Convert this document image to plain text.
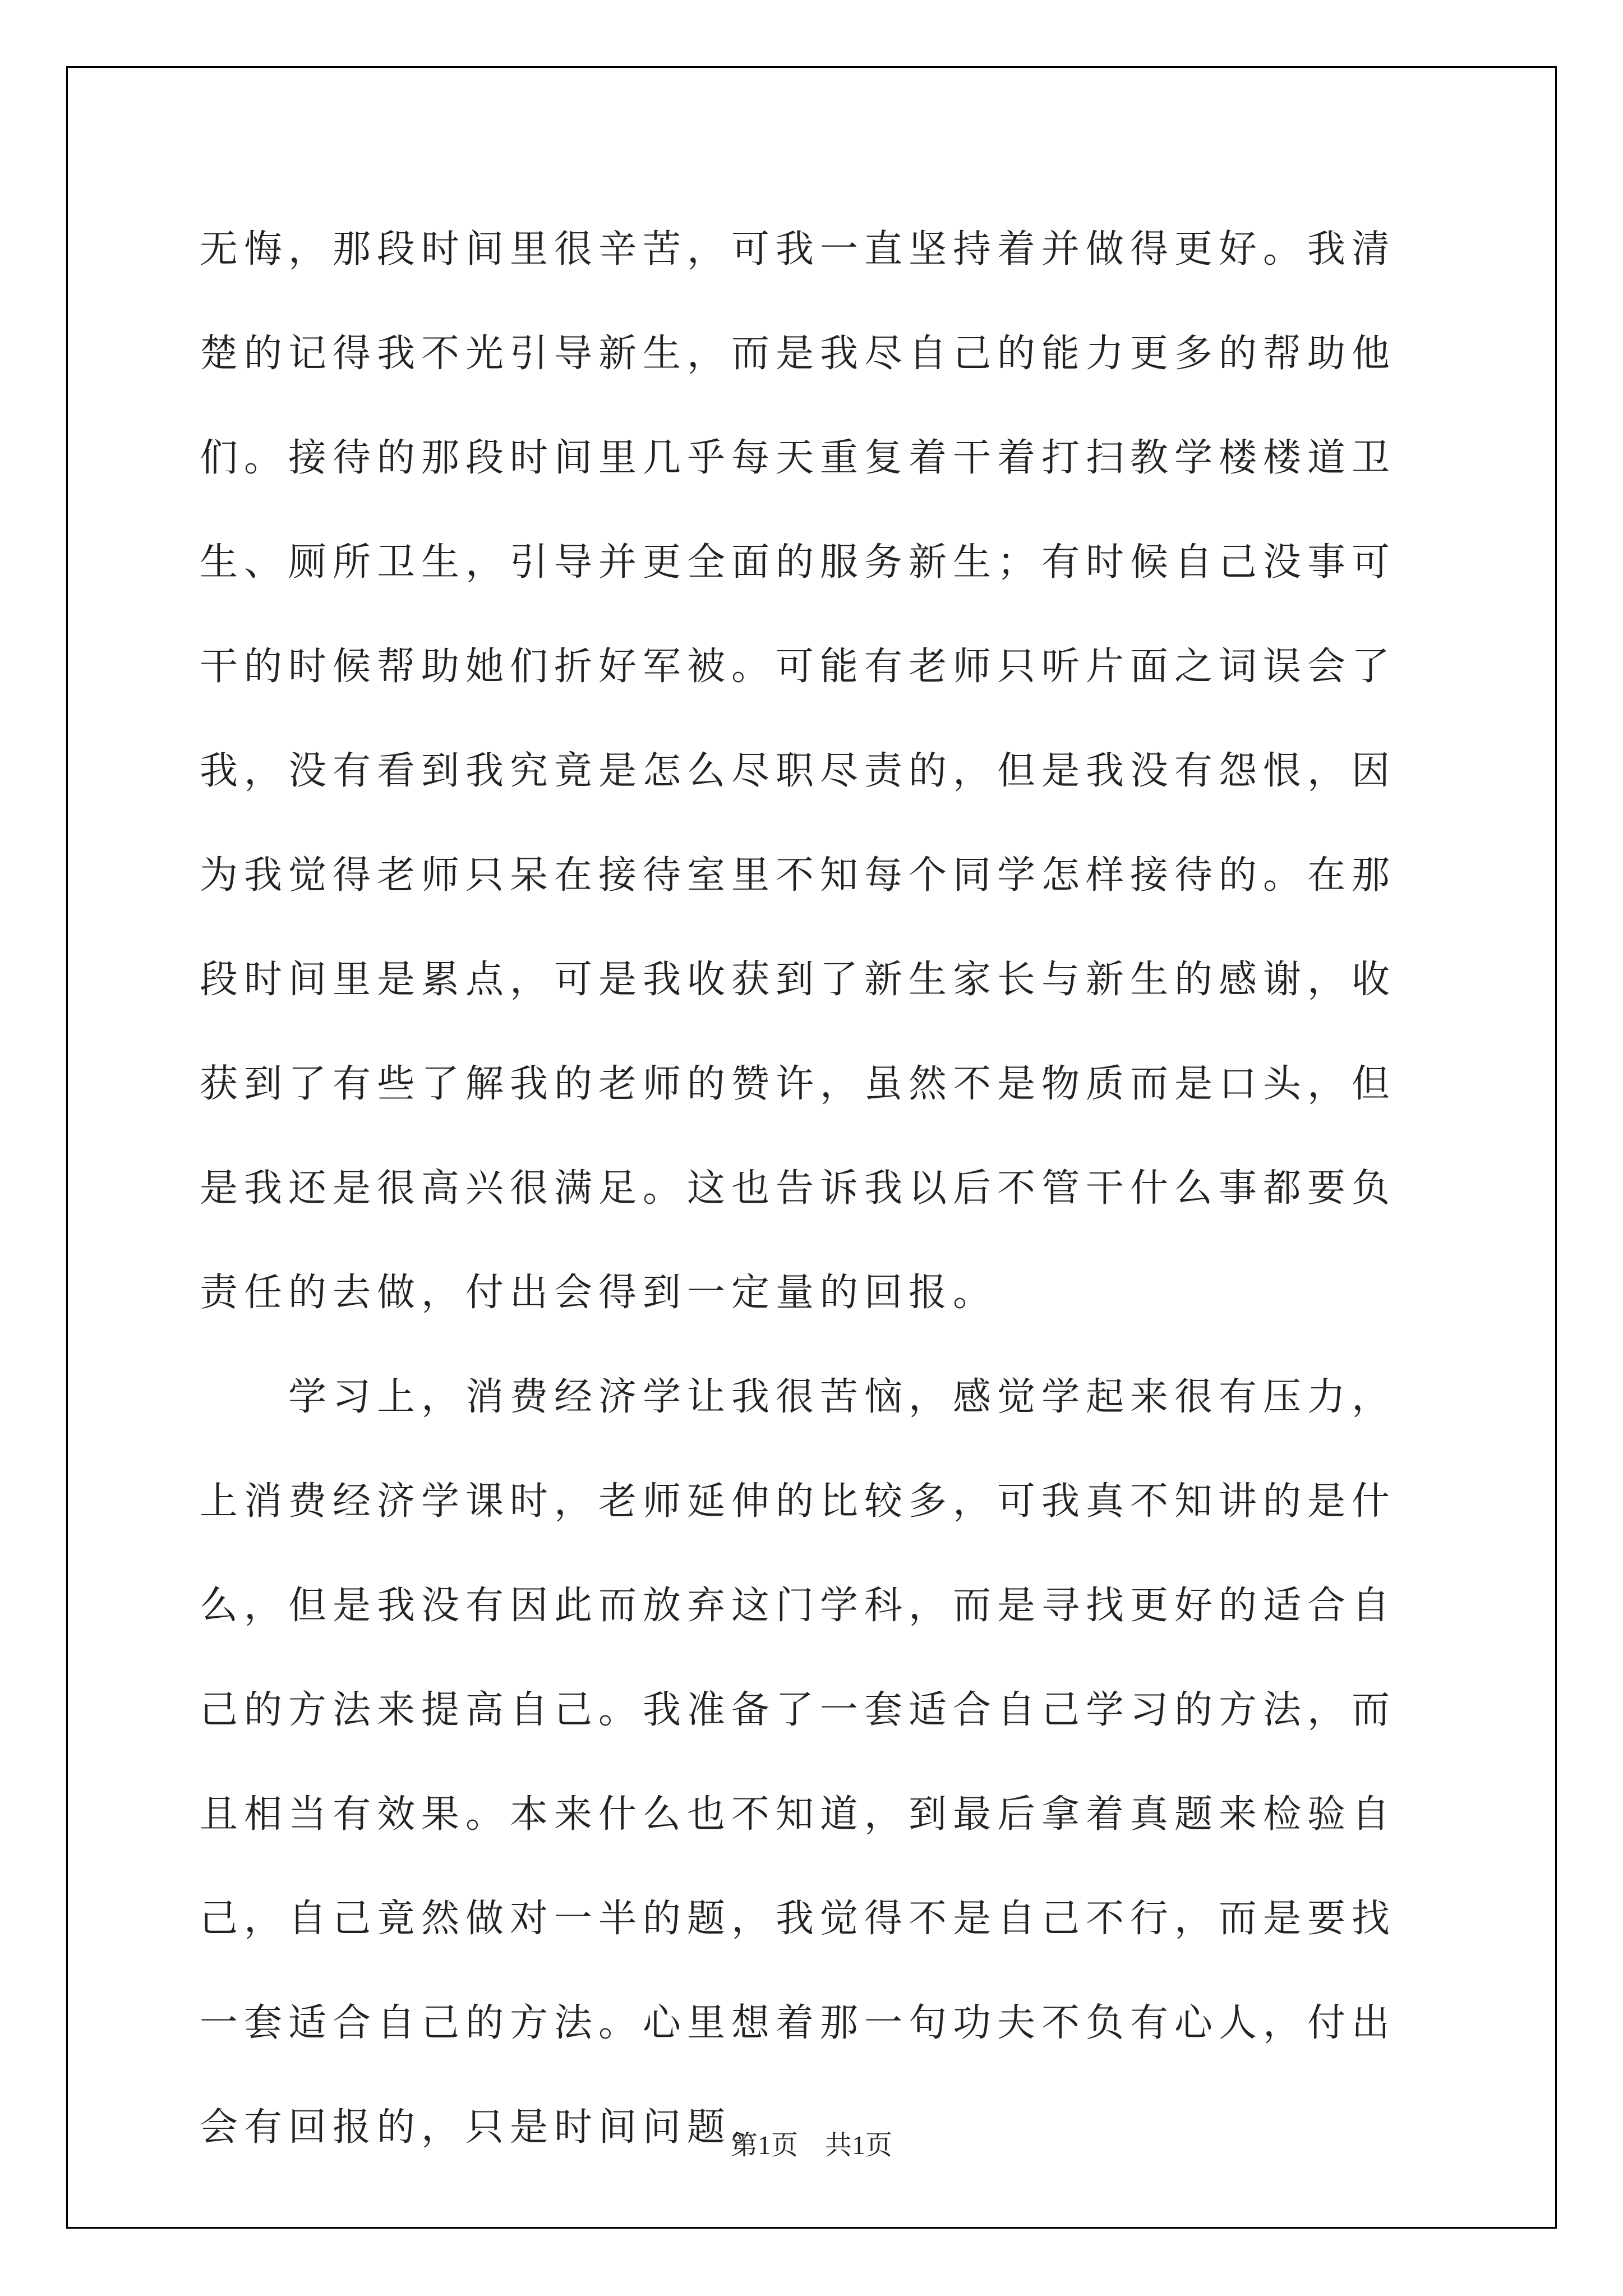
无悔，那段时间里很辛苦，可我一直坚持着并做得更好。我清楚的记得我不光引导新生，而是我尽自己的能力更多的帮助他们。接待的那段时间里几乎每天重复着干着打扫教学楼楼道卫生、厕所卫生，引导并更全面的服务新生；有时候自己没事可干的时候帮助她们折好军被。可能有老师只听片面之词误会了我，没有看到我究竟是怎么尽职尽责的，但是我没有怨恨，因为我觉得老师只呆在接待室里不知每个同学怎样接待的。在那段时间里是累点，可是我收获到了新生家长与新生的感谢，收获到了有些了解我的老师的赞许，虽然不是物质而是口头，但是我还是很高兴很满足。这也告诉我以后不管干什么事都要负责任的去做，付出会得到一定量的回报。

　　学习上，消费经济学让我很苦恼，感觉学起来很有压力，上消费经济学课时，老师延伸的比较多，可我真不知讲的是什么，但是我没有因此而放弃这门学科，而是寻找更好的适合自己的方法来提高自己。我准备了一套适合自己学习的方法，而且相当有效果。本来什么也不知道，到最后拿着真题来检验自己，自己竟然做对一半的题，我觉得不是自己不行，而是要找一套适合自己的方法。心里想着那一句功夫不负有心人，付出会有回报的，只是时间问题。

第1页　共1页
